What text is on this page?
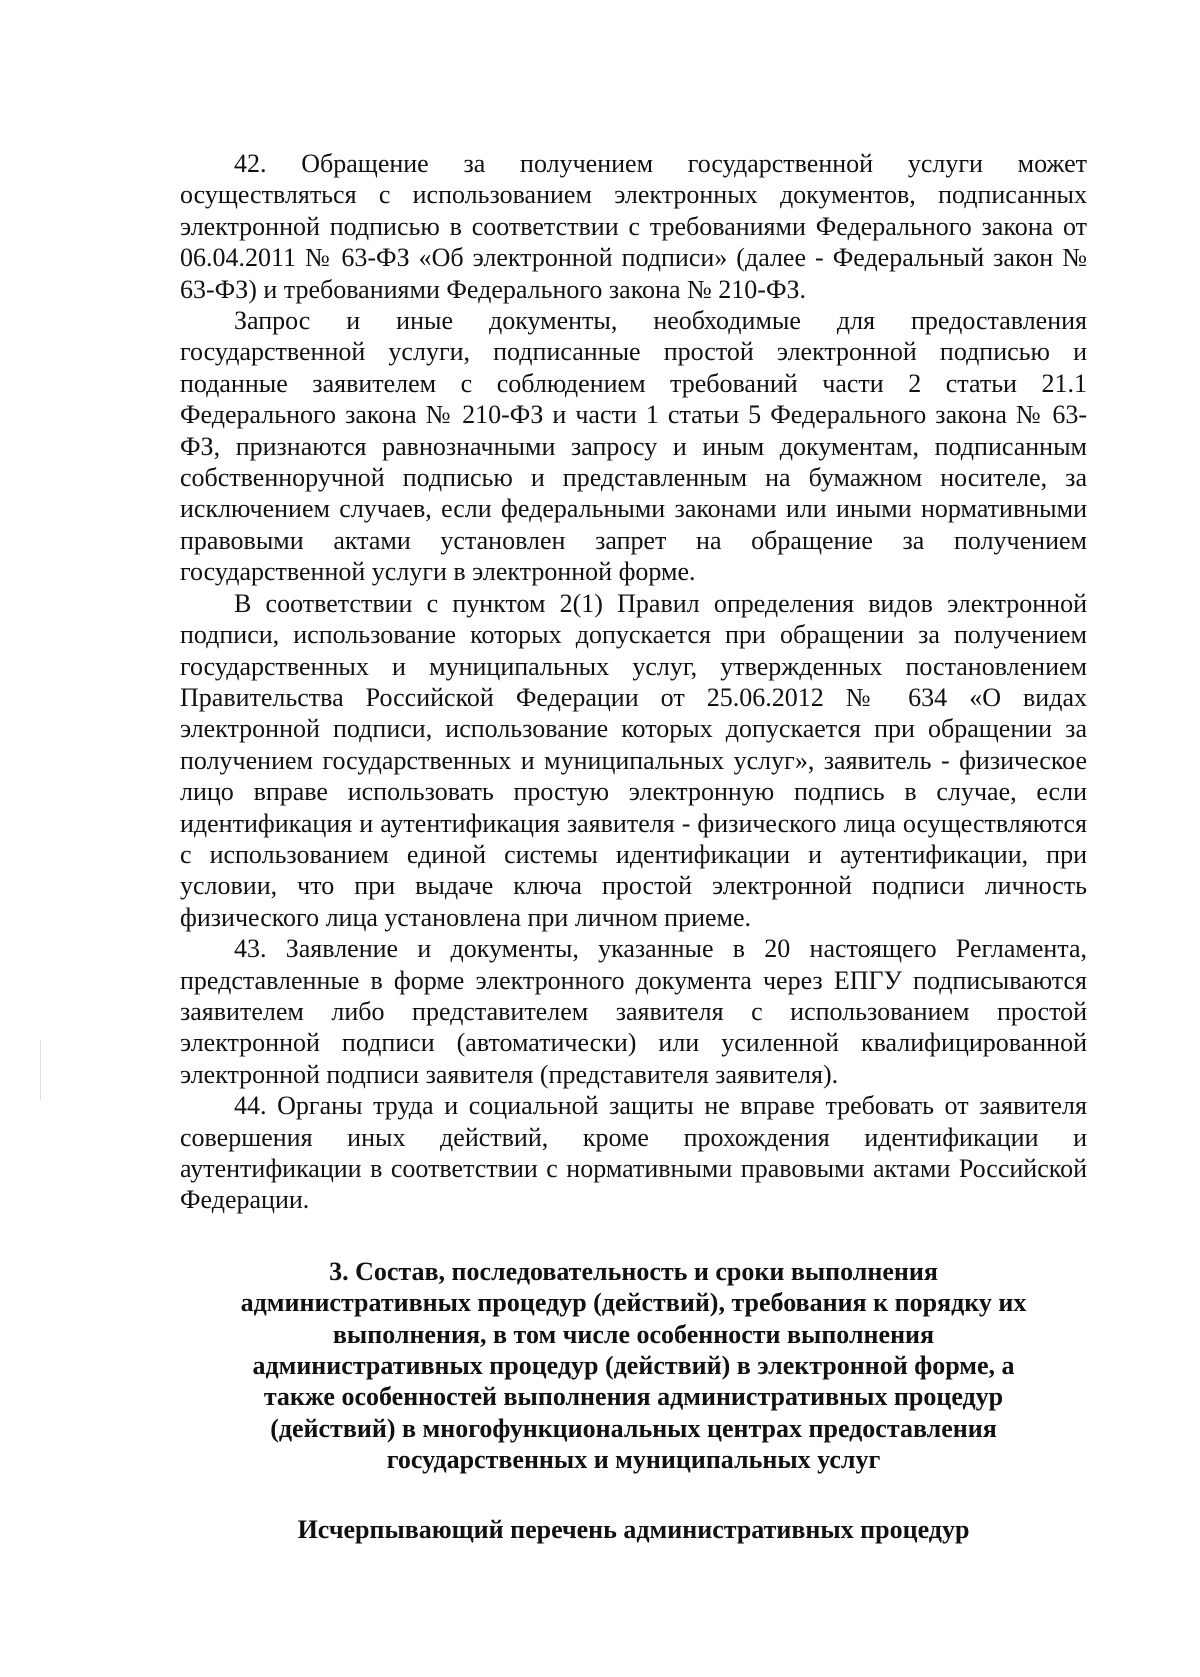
42. Обращение за получением государственной услуги может осуществляться с использованием электронных документов, подписанных электронной подписью в соответствии с требованиями Федерального закона от 06.04.2011 № 63-ФЗ «Об электронной подписи» (далее - Федеральный закон № 63-ФЗ) и требованиями Федерального закона № 210-ФЗ.

Запрос и иные документы, необходимые для предоставления государственной услуги, подписанные простой электронной подписью и поданные заявителем с соблюдением требований части 2 статьи 21.1 Федерального закона № 210-ФЗ и части 1 статьи 5 Федерального закона № 63-ФЗ, признаются равнозначными запросу и иным документам, подписанным собственноручной подписью и представленным на бумажном носителе, за исключением случаев, если федеральными законами или иными нормативными правовыми актами установлен запрет на обращение за получением государственной услуги в электронной форме.

В соответствии с пунктом 2(1) Правил определения видов электронной подписи, использование которых допускается при обращении за получением государственных и муниципальных услуг, утвержденных постановлением Правительства Российской Федерации от 25.06.2012 № 634 «О видах электронной подписи, использование которых допускается при обращении за получением государственных и муниципальных услуг», заявитель - физическое лицо вправе использовать простую электронную подпись в случае, если идентификация и аутентификация заявителя - физического лица осуществляются с использованием единой системы идентификации и аутентификации, при условии, что при выдаче ключа простой электронной подписи личность физического лица установлена при личном приеме.

43. Заявление и документы, указанные в 20 настоящего Регламента, представленные в форме электронного документа через ЕПГУ подписываются заявителем либо представителем заявителя с использованием простой электронной подписи (автоматически) или усиленной квалифицированной электронной подписи заявителя (представителя заявителя).

44. Органы труда и социальной защиты не вправе требовать от заявителя совершения иных действий, кроме прохождения идентификации и аутентификации в соответствии с нормативными правовыми актами Российской Федерации.

3. Состав, последовательность и сроки выполнения административных процедур (действий), требования к порядку их выполнения, в том числе особенности выполнения административных процедур (действий) в электронной форме, а также особенностей выполнения административных процедур (действий) в многофункциональных центрах предоставления государственных и муниципальных услуг
Исчерпывающий перечень административных процедур
